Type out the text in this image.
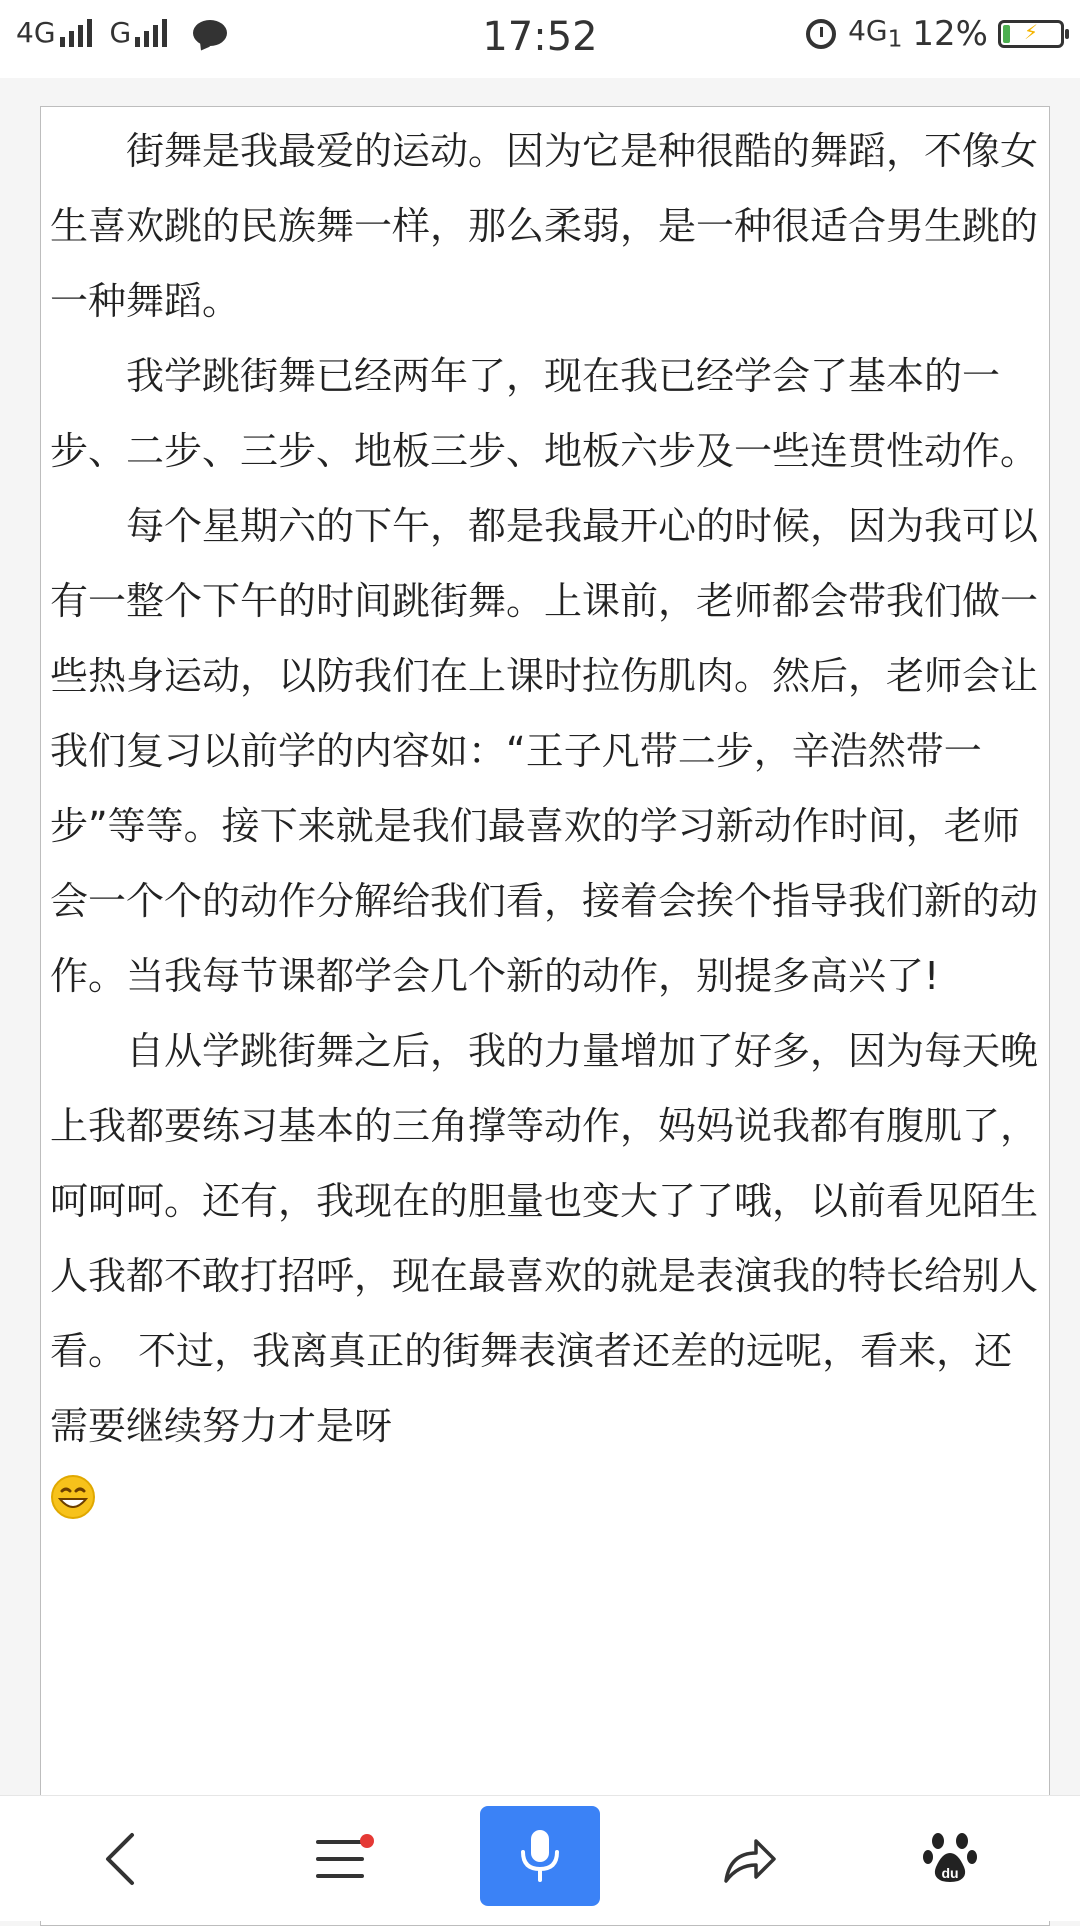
4G G	17:52	$4G_1$ 12%	⚡

街舞是我最爱的运动。因为它是种很酷的舞蹈，不像女生喜欢跳的民族舞一样，那么柔弱，是一种很适合男生跳的一种舞蹈。

我学跳街舞已经两年了，现在我已经学会了基本的一步、二步、三步、地板三步、地板六步及一些连贯性动作。

每个星期六的下午，都是我最开心的时候，因为我可以有一整个下午的时间跳街舞。上课前，老师都会带我们做一些热身运动，以防我们在上课时拉伤肌肉。然后，老师会让我们复习以前学的内容如：“王子凡带二步，辛浩然带一步”等等。接下来就是我们最喜欢的学习新动作时间，老师会一个个的动作分解给我们看，接着会挨个指导我们新的动作。当我每节课都学会几个新的动作，别提多高兴了!

自从学跳街舞之后，我的力量增加了好多，因为每天晚上我都要练习基本的三角撑等动作，妈妈说我都有腹肌了，呵呵呵。还有，我现在的胆量也变大了了哦，以前看见陌生人我都不敢打招呼，现在最喜欢的就是表演我的特长给别人看。 不过，我离真正的街舞表演者还差的远呢，看来，还需要继续努力才是呀

du
